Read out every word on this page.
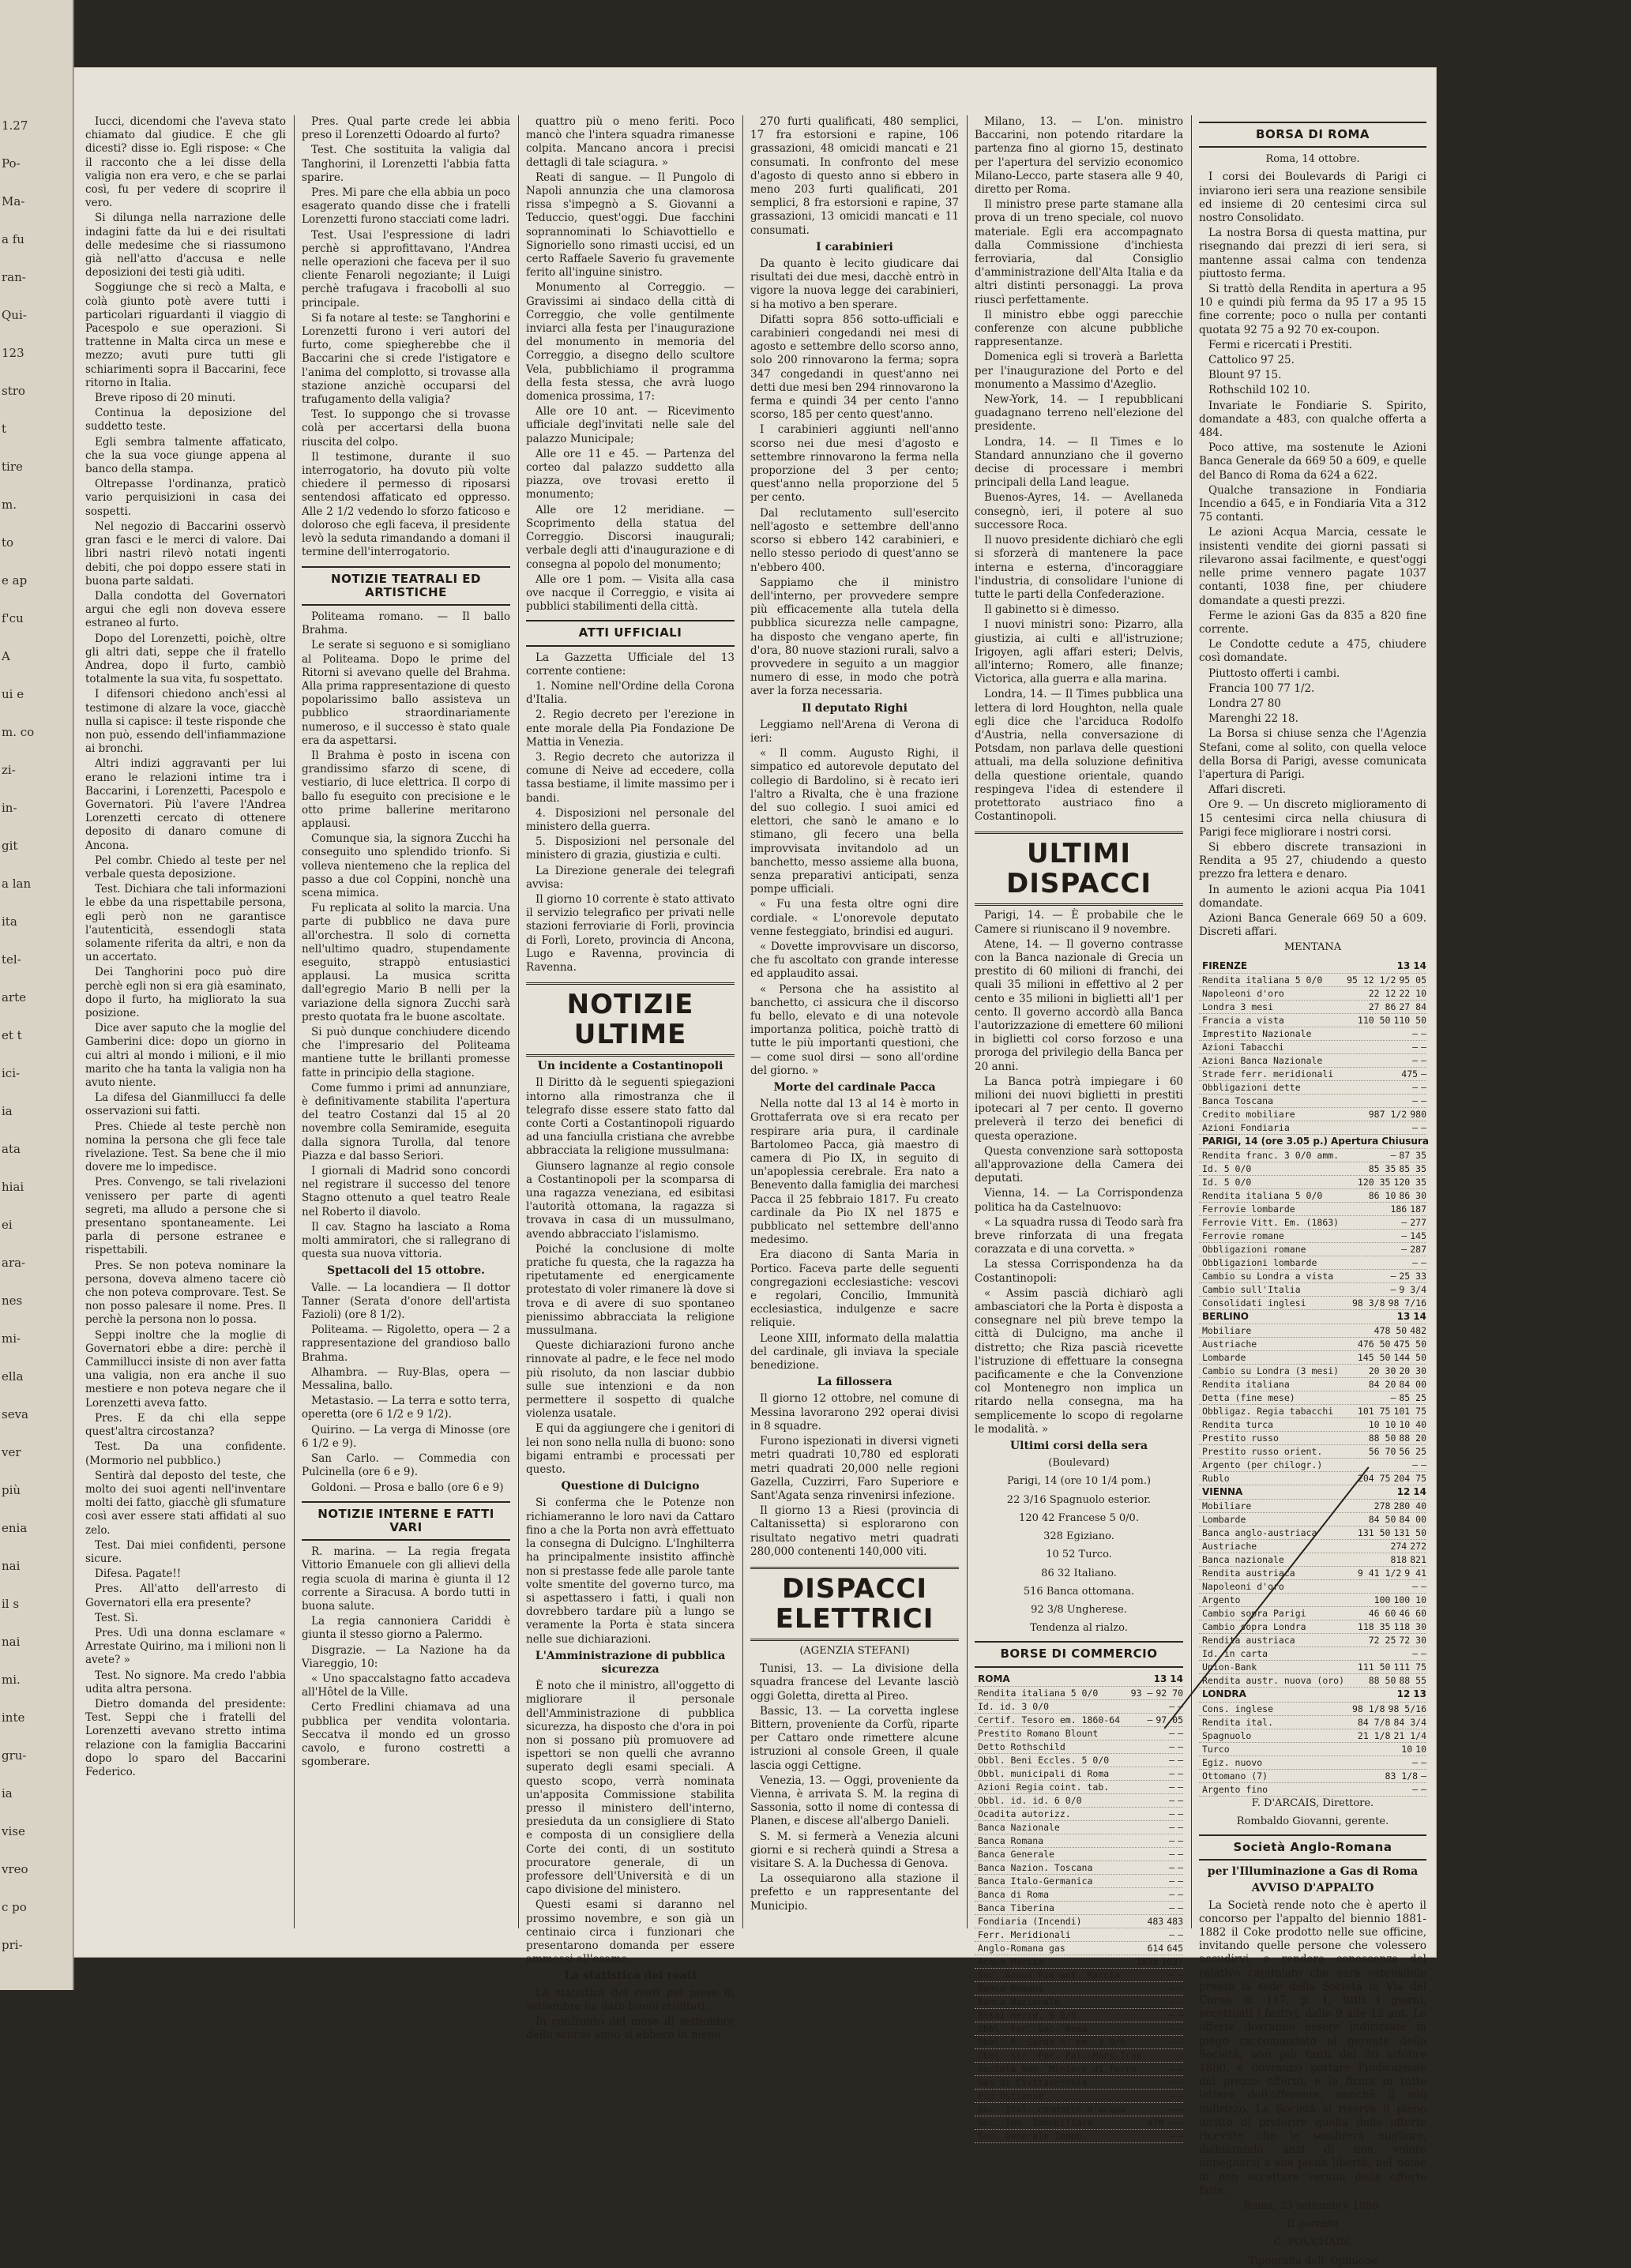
1.27
Po-
Ma-
a fu
ran-
Qui-
123
stro
t
tire
m.
to
e ap
f'cu
A
ui e
m. co
zi-
in-
git
a lan
ita
tel-
arte
et t
ici-
ia
ata
hiai
ei
ara-
nes
mi-
ella
seva
ver
più
enia
nai
il s
nai
mi.
inte
gru-
ia
vise
vreo
c po
pri-

Iucci, dicendomi che l'aveva stato chiamato dal giudice. E che gli dicesti? disse io. Egli rispose: « Che il racconto che a lei disse della valigia non era vero, e che se parlai così, fu per vedere di scoprire il vero.

Si dilunga nella narrazione delle indagini fatte da lui e dei risultati delle medesime che si riassumono già nell'atto d'accusa e nelle deposizioni dei testi già uditi.

Soggiunge che si recò a Malta, e colà giunto potè avere tutti i particolari riguardanti il viaggio di Pacespolo e sue operazioni. Si trattenne in Malta circa un mese e mezzo; avuti pure tutti gli schiarimenti sopra il Baccarini, fece ritorno in Italia.

Breve riposo di 20 minuti.

Continua la deposizione del suddetto teste.

Egli sembra talmente affaticato, che la sua voce giunge appena al banco della stampa.

Oltrepasse l'ordinanza, praticò vario perquisizioni in casa dei sospetti.

Nel negozio di Baccarini osservò gran fasci e le merci di valore. Dai libri nastri rilevò notati ingenti debiti, che poi doppo essere stati in buona parte saldati.

Dalla condotta del Governatori argui che egli non doveva essere estraneo al furto.

Dopo del Lorenzetti, poichè, oltre gli altri dati, seppe che il fratello Andrea, dopo il furto, cambiò totalmente la sua vita, fu sospettato.

I difensori chiedono anch'essi al testimone di alzare la voce, giacchè nulla si capisce: il teste risponde che non può, essendo dell'infiammazione ai bronchi.

Altri indizi aggravanti per lui erano le relazioni intime tra i Baccarini, i Lorenzetti, Pacespolo e Governatori. Più l'avere l'Andrea Lorenzetti cercato di ottenere deposito di danaro comune di Ancona.

Pel combr. Chiedo al teste per nel verbale questa deposizione.

Test. Dichiara che tali informazioni le ebbe da una rispettabile persona, egli però non ne garantisce l'autenticità, essendogli stata solamente riferita da altri, e non da un accertato.

Dei Tanghorini poco può dire perchè egli non si era già esaminato, dopo il furto, ha migliorato la sua posizione.

Dice aver saputo che la moglie del Gamberini dice: dopo un giorno in cui altri al mondo i milioni, e il mio marito che ha tanta la valigia non ha avuto niente.

La difesa del Gianmillucci fa delle osservazioni sui fatti.

Pres. Chiede al teste perchè non nomina la persona che gli fece tale rivelazione. Test. Sa bene che il mio dovere me lo impedisce.

Pres. Convengo, se tali rivelazioni venissero per parte di agenti segreti, ma alludo a persone che si presentano spontaneamente. Lei parla di persone estranee e rispettabili.

Pres. Se non poteva nominare la persona, doveva almeno tacere ciò che non poteva comprovare. Test. Se non posso palesare il nome. Pres. Il perchè la persona non lo possa.

Seppi inoltre che la moglie di Governatori ebbe a dire: perchè il Cammillucci insiste di non aver fatta una valigia, non era anche il suo mestiere e non poteva negare che il Lorenzetti aveva fatto.

Pres. E da chi ella seppe quest'altra circostanza?

Test. Da una confidente. (Mormorio nel pubblico.)

Sentirà dal deposto del teste, che molto dei suoi agenti nell'inventare molti dei fatto, giacchè gli sfumature così aver essere stati affidati al suo zelo.

Test. Dai miei confidenti, persone sicure.

Difesa. Pagate!!

Pres. All'atto dell'arresto di Governatori ella era presente?

Test. Sì.

Pres. Udì una donna esclamare « Arrestate Quirino, ma i milioni non li avete? »

Test. No signore. Ma credo l'abbia udita altra persona.

Dietro domanda del presidente: Test. Seppi che i fratelli del Lorenzetti avevano stretto intima relazione con la famiglia Baccarini dopo lo sparo del Baccarini Federico.

Pres. Qual parte crede lei abbia preso il Lorenzetti Odoardo al furto?

Test. Che sostituita la valigia dal Tanghorini, il Lorenzetti l'abbia fatta sparire.

Pres. Mi pare che ella abbia un poco esagerato quando disse che i fratelli Lorenzetti furono stacciati come ladri.

Test. Usai l'espressione di ladri perchè si approfittavano, l'Andrea nelle operazioni che faceva per il suo cliente Fenaroli negoziante; il Luigi perchè trafugava i fracobolli al suo principale.

Si fa notare al teste: se Tanghorini e Lorenzetti furono i veri autori del furto, come spiegherebbe che il Baccarini che si crede l'istigatore e l'anima del complotto, si trovasse alla stazione anzichè occuparsi del trafugamento della valigia?

Test. Io suppongo che si trovasse colà per accertarsi della buona riuscita del colpo.

Il testimone, durante il suo interrogatorio, ha dovuto più volte chiedere il permesso di riposarsi sentendosi affaticato ed oppresso. Alle 2 1/2 vedendo lo sforzo faticoso e doloroso che egli faceva, il presidente levò la seduta rimandando a domani il termine dell'interrogatorio.

NOTIZIE TEATRALI ED ARTISTICHE

Politeama romano. — Il ballo Brahma.

Le serate si seguono e si somigliano al Politeama. Dopo le prime del Ritorni si avevano quelle del Brahma. Alla prima rappresentazione di questo popolarissimo ballo assisteva un pubblico straordinariamente numeroso, e il successo è stato quale era da aspettarsi.

Il Brahma è posto in iscena con grandissimo sfarzo di scene, di vestiario, di luce elettrica. Il corpo di ballo fu eseguito con precisione e le otto prime ballerine meritarono applausi.

Comunque sia, la signora Zucchi ha conseguito uno splendido trionfo. Si volleva nientemeno che la replica del passo a due col Coppini, nonchè una scena mimica.

Fu replicata al solito la marcia. Una parte di pubblico ne dava pure all'orchestra. Il solo di cornetta nell'ultimo quadro, stupendamente eseguito, strappò entusiastici applausi. La musica scritta dall'egregio Mario B nelli per la variazione della signora Zucchi sarà presto quotata fra le buone ascoltate.

Si può dunque conchiudere dicendo che l'impresario del Politeama mantiene tutte le brillanti promesse fatte in principio della stagione.

Come fummo i primi ad annunziare, è definitivamente stabilita l'apertura del teatro Costanzi dal 15 al 20 novembre colla Semiramide, eseguita dalla signora Turolla, dal tenore Piazza e dal basso Seriori.

I giornali di Madrid sono concordi nel registrare il successo del tenore Stagno ottenuto a quel teatro Reale nel Roberto il diavolo.

Il cav. Stagno ha lasciato a Roma molti ammiratori, che si rallegrano di questa sua nuova vittoria.

Spettacoli del 15 ottobre.

Valle. — La locandiera — Il dottor Tanner (Serata d'onore dell'artista Fazioli) (ore 8 1/2).

Politeama. — Rigoletto, opera — 2 a rappresentazione del grandioso ballo Brahma.

Alhambra. — Ruy-Blas, opera — Messalina, ballo.

Metastasio. — La terra e sotto terra, operetta (ore 6 1/2 e 9 1/2).

Quirino. — La verga di Minosse (ore 6 1/2 e 9).

San Carlo. — Commedia con Pulcinella (ore 6 e 9).

Goldoni. — Prosa e ballo (ore 6 e 9)

NOTIZIE INTERNE E FATTI VARI

R. marina. — La regia fregata Vittorio Emanuele con gli allievi della regia scuola di marina è giunta il 12 corrente a Siracusa. A bordo tutti in buona salute.

La regia cannoniera Cariddi è giunta il stesso giorno a Palermo.

Disgrazie. — La Nazione ha da Viareggio, 10:

« Uno spaccalstagno fatto accadeva all'Hôtel de la Ville.

Certo Fredlini chiamava ad una pubblica per vendita volontaria. Seccatva il mondo ed un grosso cavolo, e furono costretti a sgomberare.

quattro più o meno feriti. Poco mancò che l'intera squadra rimanesse colpita. Mancano ancora i precisi dettagli di tale sciagura. »

Reati di sangue. — Il Pungolo di Napoli annunzia che una clamorosa rissa s'impegnò a S. Giovanni a Teduccio, quest'oggi. Due facchini soprannominati lo Schiavottiello e Signoriello sono rimasti uccisi, ed un certo Raffaele Saverio fu gravemente ferito all'inguine sinistro.

Monumento al Correggio. — Gravissimi ai sindaco della città di Correggio, che volle gentilmente inviarci alla festa per l'inaugurazione del monumento in memoria del Correggio, a disegno dello scultore Vela, pubblichiamo il programma della festa stessa, che avrà luogo domenica prossima, 17:

Alle ore 10 ant. — Ricevimento ufficiale degl'invitati nelle sale del palazzo Municipale;

Alle ore 11 e 45. — Partenza del corteo dal palazzo suddetto alla piazza, ove trovasi eretto il monumento;

Alle ore 12 meridiane. — Scoprimento della statua del Correggio. Discorsi inaugurali; verbale degli atti d'inaugurazione e di consegna al popolo del monumento;

Alle ore 1 pom. — Visita alla casa ove nacque il Correggio, e visita ai pubblici stabilimenti della città.

ATTI UFFICIALI

La Gazzetta Ufficiale del 13 corrente contiene:

1. Nomine nell'Ordine della Corona d'Italia.

2. Regio decreto per l'erezione in ente morale della Pia Fondazione De Mattia in Venezia.

3. Regio decreto che autorizza il comune di Neive ad eccedere, colla tassa bestiame, il limite massimo per i bandi.

4. Disposizioni nel personale del ministero della guerra.

5. Disposizioni nel personale del ministero di grazia, giustizia e culti.

La Direzione generale dei telegrafi avvisa:

Il giorno 10 corrente è stato attivato il servizio telegrafico per privati nelle stazioni ferroviarie di Forli, provincia di Forlì, Loreto, provincia di Ancona, Lugo e Ravenna, provincia di Ravenna.

NOTIZIE ULTIME
Un incidente a Costantinopoli

Il Diritto dà le seguenti spiegazioni intorno alla rimostranza che il telegrafo disse essere stato fatto dal conte Corti a Costantinopoli riguardo ad una fanciulla cristiana che avrebbe abbracciata la religione mussulmana:

Giunsero lagnanze al regio console a Costantinopoli per la scomparsa di una ragazza veneziana, ed esibitasi l'autorità ottomana, la ragazza si trovava in casa di un mussulmano, avendo abbracciato l'islamismo.

Poiché la conclusione di molte pratiche fu questa, che la ragazza ha ripetutamente ed energicamente protestato di voler rimanere là dove si trova e di avere di suo spontaneo pienissimo abbracciata la religione mussulmana.

Queste dichiarazioni furono anche rinnovate al padre, e le fece nel modo più risoluto, da non lasciar dubbio sulle sue intenzioni e da non permettere il sospetto di qualche violenza usatale.

E qui da aggiungere che i genitori di lei non sono nella nulla di buono: sono bigami entrambi e processati per questo.

Questione di Dulcigno

Si conferma che le Potenze non richiameranno le loro navi da Cattaro fino a che la Porta non avrà effettuato la consegna di Dulcigno. L'Inghilterra ha principalmente insistito affinchè non si prestasse fede alle parole tante volte smentite del governo turco, ma si aspettassero i fatti, i quali non dovrebbero tardare più a lungo se veramente la Porta è stata sincera nelle sue dichiarazioni.

L'Amministrazione di pubblica sicurezza

È noto che il ministro, all'oggetto di migliorare il personale dell'Amministrazione di pubblica sicurezza, ha disposto che d'ora in poi non si possano più promuovere ad ispettori se non quelli che avranno superato degli esami speciali. A questo scopo, verrà nominata un'apposita Commissione stabilita presso il ministero dell'interno, presieduta da un consigliere di Stato e composta di un consigliere della Corte dei conti, di un sostituto procuratore generale, di un professore dell'Università e di un capo divisione del ministero.

Questi esami si daranno nel prossimo novembre, e son già un centinaio circa i funzionari che presentarono domanda per essere ammessi all'esame.

La statistica dei reati

La statistica dei reati pel mese di settembre ha dato buoni risultati.

In confronto del mese di settembre dello scorso anno si ebbero in meno

270 furti qualificati, 480 semplici, 17 fra estorsioni e rapine, 106 grassazioni, 48 omicidi mancati e 21 consumati. In confronto del mese d'agosto di questo anno si ebbero in meno 203 furti qualificati, 201 semplici, 8 fra estorsioni e rapine, 37 grassazioni, 13 omicidi mancati e 11 consumati.

I carabinieri

Da quanto è lecito giudicare dai risultati dei due mesi, dacchè entrò in vigore la nuova legge dei carabinieri, si ha motivo a ben sperare.

Difatti sopra 856 sotto-ufficiali e carabinieri congedandi nei mesi di agosto e settembre dello scorso anno, solo 200 rinnovarono la ferma; sopra 347 congedandi in quest'anno nei detti due mesi ben 294 rinnovarono la ferma e quindi 34 per cento l'anno scorso, 185 per cento quest'anno.

I carabinieri aggiunti nell'anno scorso nei due mesi d'agosto e settembre rinnovarono la ferma nella proporzione del 3 per cento; quest'anno nella proporzione del 5 per cento.

Dal reclutamento sull'esercito nell'agosto e settembre dell'anno scorso si ebbero 142 carabinieri, e nello stesso periodo di quest'anno se n'ebbero 400.

Sappiamo che il ministro dell'interno, per provvedere sempre più efficacemente alla tutela della pubblica sicurezza nelle campagne, ha disposto che vengano aperte, fin d'ora, 80 nuove stazioni rurali, salvo a provvedere in seguito a un maggior numero di esse, in modo che potrà aver la forza necessaria.

Il deputato Righi

Leggiamo nell'Arena di Verona di ieri:

« Il comm. Augusto Righi, il simpatico ed autorevole deputato del collegio di Bardolino, si è recato ieri l'altro a Rivalta, che è una frazione del suo collegio. I suoi amici ed elettori, che sanò le amano e lo stimano, gli fecero una bella improvvisata invitandolo ad un banchetto, messo assieme alla buona, senza preparativi anticipati, senza pompe ufficiali.

« Fu una festa oltre ogni dire cordiale. « L'onorevole deputato venne festeggiato, brindisi ed auguri.

« Dovette improvvisare un discorso, che fu ascoltato con grande interesse ed applaudito assai.

« Persona che ha assistito al banchetto, ci assicura che il discorso fu bello, elevato e di una notevole importanza politica, poichè trattò di tutte le più importanti questioni, che — come suol dirsi — sono all'ordine del giorno. »

Morte del cardinale Pacca

Nella notte dal 13 al 14 è morto in Grottaferrata ove si era recato per respirare aria pura, il cardinale Bartolomeo Pacca, già maestro di camera di Pio IX, in seguito di un'apoplessia cerebrale. Era nato a Benevento dalla famiglia dei marchesi Pacca il 25 febbraio 1817. Fu creato cardinale da Pio IX nel 1875 e pubblicato nel settembre dell'anno medesimo.

Era diacono di Santa Maria in Portico. Faceva parte delle seguenti congregazioni ecclesiastiche: vescovi e regolari, Concilio, Immunità ecclesiastica, indulgenze e sacre reliquie.

Leone XIII, informato della malattia del cardinale, gli inviava la speciale benedizione.

La fillossera

Il giorno 12 ottobre, nel comune di Messina lavorarono 292 operai divisi in 8 squadre.

Furono ispezionati in diversi vigneti metri quadrati 10,780 ed esplorati metri quadrati 20,000 nelle regioni Gazella, Cuzzirri, Faro Superiore e Sant'Agata senza rinvenirsi infezione.

Il giorno 13 a Riesi (provincia di Caltanissetta) si esplorarono con risultato negativo metri quadrati 280,000 contenenti 140,000 viti.

DISPACCI ELETTRICI
(AGENZIA STEFANI)

Tunisi, 13. — La divisione della squadra francese del Levante lasciò oggi Goletta, diretta al Pireo.

Bassic, 13. — La corvetta inglese Bittern, proveniente da Corfù, riparte per Cattaro onde rimettere alcune istruzioni al console Green, il quale lascia oggi Cettigne.

Venezia, 13. — Oggi, proveniente da Vienna, è arrivata S. M. la regina di Sassonia, sotto il nome di contessa di Planen, e discese all'albergo Danieli.

S. M. si fermerà a Venezia alcuni giorni e si recherà quindi a Stresa a visitare S. A. la Duchessa di Genova.

La ossequiarono alla stazione il prefetto e un rappresentante del Municipio.

Milano, 13. — L'on. ministro Baccarini, non potendo ritardare la partenza fino al giorno 15, destinato per l'apertura del servizio economico Milano-Lecco, parte stasera alle 9 40, diretto per Roma.

Il ministro prese parte stamane alla prova di un treno speciale, col nuovo materiale. Egli era accompagnato dalla Commissione d'inchiesta ferroviaria, dal Consiglio d'amministrazione dell'Alta Italia e da altri distinti personaggi. La prova riuscì perfettamente.

Il ministro ebbe oggi parecchie conferenze con alcune pubbliche rappresentanze.

Domenica egli si troverà a Barletta per l'inaugurazione del Porto e del monumento a Massimo d'Azeglio.

New-York, 14. — I repubblicani guadagnano terreno nell'elezione del presidente.

Londra, 14. — Il Times e lo Standard annunziano che il governo decise di processare i membri principali della Land league.

Buenos-Ayres, 14. — Avellaneda consegnò, ieri, il potere al suo successore Roca.

Il nuovo presidente dichiarò che egli si sforzerà di mantenere la pace interna e esterna, d'incoraggiare l'industria, di consolidare l'unione di tutte le parti della Confederazione.

Il gabinetto si è dimesso.

I nuovi ministri sono: Pizarro, alla giustizia, ai culti e all'istruzione; Irigoyen, agli affari esteri; Delvis, all'interno; Romero, alle finanze; Victorica, alla guerra e alla marina.

Londra, 14. — Il Times pubblica una lettera di lord Houghton, nella quale egli dice che l'arciduca Rodolfo d'Austria, nella conversazione di Potsdam, non parlava delle questioni attuali, ma della soluzione definitiva della questione orientale, quando respingeva l'idea di estendere il protettorato austriaco fino a Costantinopoli.

ULTIMI DISPACCI

Parigi, 14. — È probabile che le Camere si riuniscano il 9 novembre.

Atene, 14. — Il governo contrasse con la Banca nazionale di Grecia un prestito di 60 milioni di franchi, dei quali 35 milioni in effettivo al 2 per cento e 35 milioni in biglietti all'1 per cento. Il governo accordò alla Banca l'autorizzazione di emettere 60 milioni in biglietti col corso forzoso e una proroga del privilegio della Banca per 20 anni.

La Banca potrà impiegare i 60 milioni dei nuovi biglietti in prestiti ipotecari al 7 per cento. Il governo preleverà il terzo dei benefici di questa operazione.

Questa convenzione sarà sottoposta all'approvazione della Camera dei deputati.

Vienna, 14. — La Corrispondenza politica ha da Castelnuovo:

« La squadra russa di Teodo sarà fra breve rinforzata di una fregata corazzata e di una corvetta. »

La stessa Corrispondenza ha da Costantinopoli:

« Assim pascià dichiarò agli ambasciatori che la Porta è disposta a consegnare nel più breve tempo la città di Dulcigno, ma anche il distretto; che Riza pascià ricevette l'istruzione di effettuare la consegna pacificamente e che la Convenzione col Montenegro non implica un ritardo nella consegna, ma ha semplicemente lo scopo di regolarne le modalità. »

Ultimi corsi della sera
(Boulevard)
Parigi, 14 (ore 10 1/4 pom.)
22 3/16 Spagnuolo esterior.
120 42 Francese 5 0/0.
328 Egiziano.
10 52 Turco.
86 32 Italiano.
516 Banca ottomana.
92 3/8 Ungherese.
Tendenza al rialzo.
BORSE DI COMMERCIO
ROMA	13 14
Rendita italiana 5 0/0	93 — 92 70
Id. id. 3 0/0	— —
Certif. Tesoro em. 1860-64	— 97 05
Prestito Romano Blount	— —
Detto Rothschild	— —
Obbl. Beni Eccles. 5 0/0	— —
Obbl. municipali di Roma	— —
Azioni Regia coint. tab.	— —
Obbl. id. id. 6 0/0	— —
Ocadita autorizz.	— —
Banca Nazionale	— —
Banca Romana	— —
Banca Generale	— —
Banca Nazion. Toscana	— —
Banca Italo-Germanica	— —
Banca di Roma	— —
Banca Tiberina	— —
Fondiaria (Incendi)	483 483
Ferr. Meridionali	— —
Anglo-Romana gas	614 645
Acqua Marcia	1035 1037
Soc. Acqua Pia ant. Marcia	— —
Banca Romana	— —
Banca Nazionale	— —
Bosai merid. 6 0/0	— —
Obbl. Fer. Soc. Roma	— —
Obbl. R. Sarda n. em. 3 0/0	— —
Obbl. Str. Fer. Pal.-Mars-Trap.	— —
Società Rom. Miniere di ferro	— —
Gas di Civitavecchia	— —
Pio Ostiense	— —
Soc. Ital. condotte d'acqua	— —
Soc. Imm. Immobiliare	478 — —
Soc. Generale Immob.	— —
BORSA DI ROMA
Roma, 14 ottobre.

I corsi dei Boulevards di Parigi ci inviarono ieri sera una reazione sensibile ed insieme di 20 centesimi circa sul nostro Consolidato.

La nostra Borsa di questa mattina, pur risegnando dai prezzi di ieri sera, si mantenne assai calma con tendenza piuttosto ferma.

Si trattò della Rendita in apertura a 95 10 e quindi più ferma da 95 17 a 95 15 fine corrente; poco o nulla per contanti quotata 92 75 a 92 70 ex-coupon.

Fermi e ricercati i Prestiti.

Cattolico 97 25.

Blount 97 15.

Rothschild 102 10.

Invariate le Fondiarie S. Spirito, domandate a 483, con qualche offerta a 484.

Poco attive, ma sostenute le Azioni Banca Generale da 669 50 a 609, e quelle del Banco di Roma da 624 a 622.

Qualche transazione in Fondiaria Incendio a 645, e in Fondiaria Vita a 312 75 contanti.

Le azioni Acqua Marcia, cessate le insistenti vendite dei giorni passati si rilevarono assai facilmente, e quest'oggi nelle prime vennero pagate 1037 contanti, 1038 fine, per chiudere domandate a questi prezzi.

Ferme le azioni Gas da 835 a 820 fine corrente.

Le Condotte cedute a 475, chiudere così domandate.

Piuttosto offerti i cambi.

Francia 100 77 1/2.

Londra 27 80

Marenghi 22 18.

La Borsa si chiuse senza che l'Agenzia Stefani, come al solito, con quella veloce della Borsa di Parigi, avesse comunicata l'apertura di Parigi.

Affari discreti.

Ore 9. — Un discreto miglioramento di 15 centesimi circa nella chiusura di Parigi fece migliorare i nostri corsi.

Si ebbero discrete transazioni in Rendita a 95 27, chiudendo a questo prezzo fra lettera e denaro.

In aumento le azioni acqua Pia 1041 domandate.

Azioni Banca Generale 669 50 a 609. Discreti affari.

MENTANA
FIRENZE	13 14
Rendita italiana 5 0/0	95 12 1/2 95 05
Napoleoni d'oro	22 12 22 10
Londra 3 mesi	27 86 27 84
Francia a vista	110 50 110 50
Imprestito Nazionale	— —
Azioni Tabacchi	— —
Azioni Banca Nazionale	— —
Strade ferr. meridionali	475 —
Obbligazioni dette	— —
Banca Toscana	— —
Credito mobiliare	987 1/2 980
Azioni Fondiaria	— —
PARIGI, 14 (ore 3.05 p.) Apertura Chiusura
Rendita franc. 3 0/0 amm.	— 87 35
Id. 5 0/0	85 35 85 35
Id. 5 0/0	120 35 120 35
Rendita italiana 5 0/0	86 10 86 30
Ferrovie lombarde	186 187
Ferrovie Vitt. Em. (1863)	— 277
Ferrovie romane	— 145
Obbligazioni romane	— 287
Obbligazioni lombarde	— —
Cambio su Londra a vista	— 25 33
Cambio sull'Italia	— 9 3/4
Consolidati inglesi	98 3/8 98 7/16
BERLINO	13 14
Mobiliare	478 50 482
Austriache	476 50 475 50
Lombarde	145 50 144 50
Cambio su Londra (3 mesi)	20 30 20 30
Rendita italiana	84 20 84 00
Detta (fine mese)	— 85 25
Obbligaz. Regia tabacchi	101 75 101 75
Rendita turca	10 10 10 40
Prestito russo	88 50 88 20
Prestito russo orient.	56 70 56 25
Argento (per chilogr.)	— —
Rublo	204 75 204 75
VIENNA	12 14
Mobiliare	278 280 40
Lombarde	84 50 84 00
Banca anglo-austriaca	131 50 131 50
Austriache	274 272
Banca nazionale	818 821
Rendita austriaca	9 41 1/2 9 41
Napoleoni d'oro	— —
Argento	100 100 10
Cambio sopra Parigi	46 60 46 60
Cambio sopra Londra	118 35 118 30
Rendita austriaca	72 25 72 30
Id. in carta	— —
Union-Bank	111 50 111 75
Rendita austr. nuova (oro)	88 50 88 55
LONDRA	12 13
Cons. inglese	98 1/8 98 5/16
Rendita ital.	84 7/8 84 3/4
Spagnuolo	21 1/8 21 1/4
Turco	10 10
Egiz. nuovo	— —
Ottomano (7)	83 1/8 —
Argento fino	— —
F. D'ARCAIS, Direttore.
Rombaldo Giovanni, gerente.
Società Anglo-Romana
per l'Illuminazione a Gas di Roma
AVVISO D'APPALTO

La Società rende noto che è aperto il concorso per l'appalto del biennio 1881-1882 il Coke prodotto nelle sue officine, invitando quelle persone che volessero accudirvi, a rendere conoscenza del relativo capitolato che sarà ostensibile presso la sede della Società in Via del Corso, n. 117, p. 1, tutti i giorni, eccettuati i festivi, dalle 9 alle 12 ant. Le offerte dovranno essere indirizzate in piego raccomandato al gerente della Società, non più tardi del 30 ottobre 1880, e dovranno portare l'indicazione del prezzo offerto, e la firma in tutte lettere dell'offerente, nonchè il suo indirizzo. La Società si riserva il pieno diritto di preferire quella delle offerte ricevute che le sembrerà migliore, dichiarando anzi di non volere impegnarsi a sua piena libertà, nel nome di non accettare veruna delle offerte fatte.

Roma, 25 settembre 1880.
Il gerente
C. POUCHAIN.
Tipografia dell' Opinione
